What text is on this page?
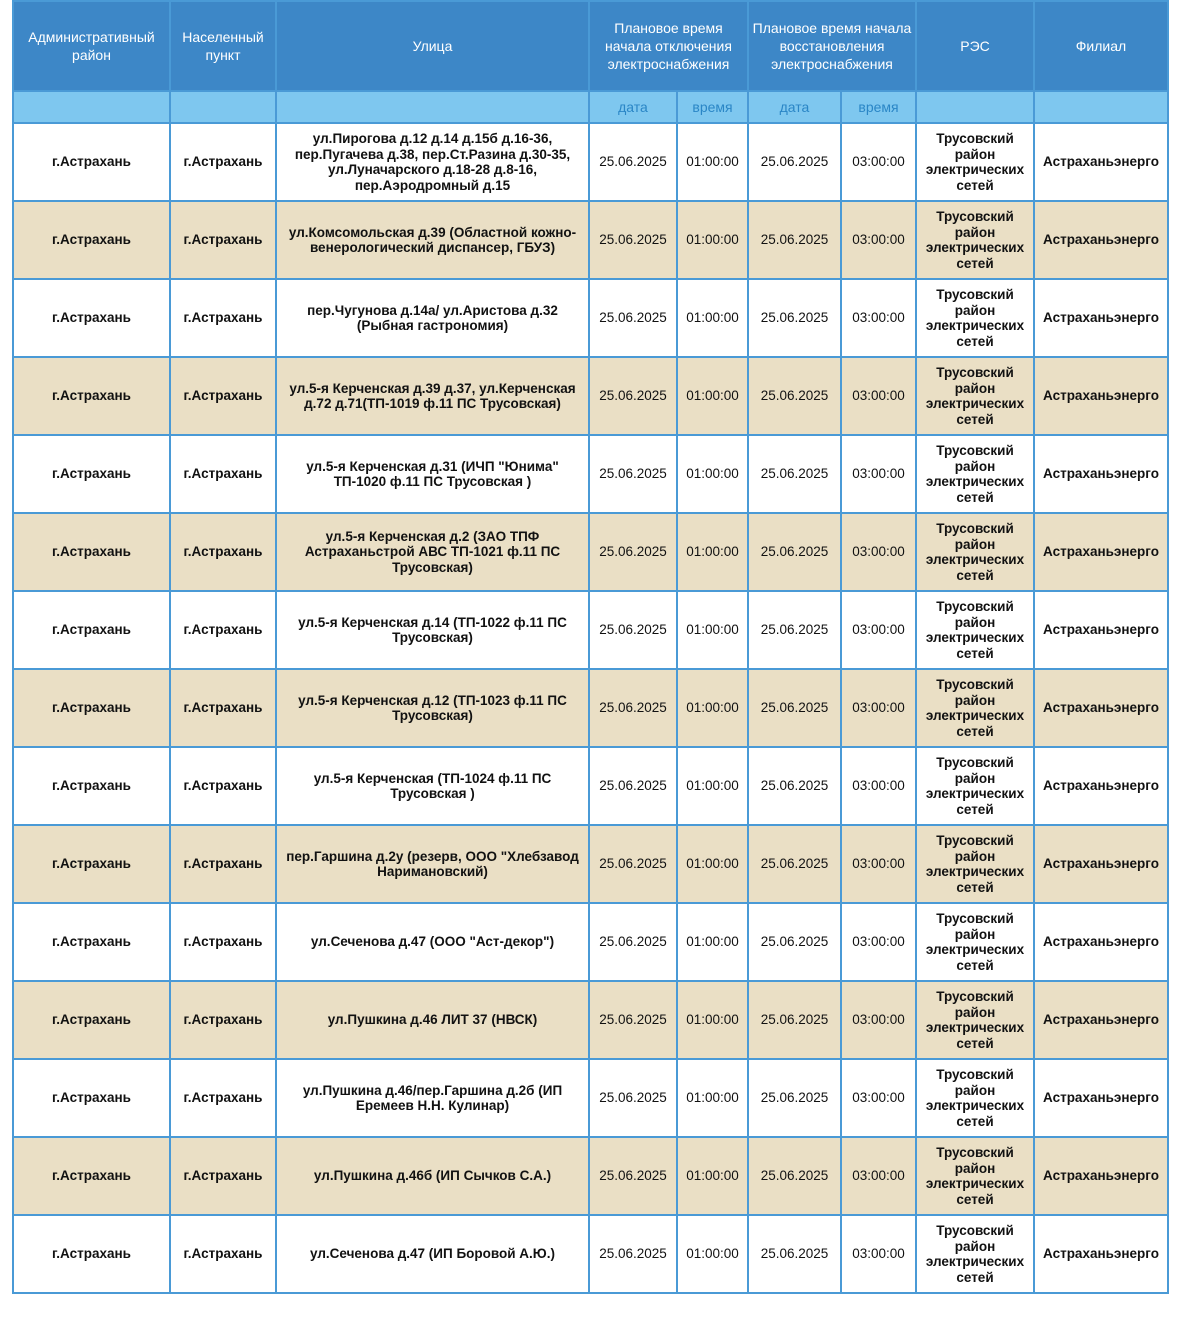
Административный район	Населенный пункт	Улица	Плановое время начала отключения электроснабжения		Плановое время начала восстановления электроснабжения		РЭС	Филиал
			дата	время	дата	время		
г.Астрахань	г.Астрахань	ул.Пирогова д.12 д.14 д.15б д.16-36, пер.Пугачева д.38, пер.Ст.Разина д.30-35, ул.Луначарского д.18-28 д.8-16, пер.Аэродромный д.15	25.06.2025	01:00:00	25.06.2025	03:00:00	Трусовский район электрических сетей	Астраханьэнерго
г.Астрахань	г.Астрахань	ул.Комсомольская д.39 (Областной кожно-венерологический диспансер, ГБУЗ)	25.06.2025	01:00:00	25.06.2025	03:00:00	Трусовский район электрических сетей	Астраханьэнерго
г.Астрахань	г.Астрахань	пер.Чугунова д.14а/ ул.Аристова д.32 (Рыбная гастрономия)	25.06.2025	01:00:00	25.06.2025	03:00:00	Трусовский район электрических сетей	Астраханьэнерго
г.Астрахань	г.Астрахань	ул.5-я Керченская д.39 д.37, ул.Керченская д.72 д.71(ТП-1019 ф.11 ПС Трусовская)	25.06.2025	01:00:00	25.06.2025	03:00:00	Трусовский район электрических сетей	Астраханьэнерго
г.Астрахань	г.Астрахань	ул.5-я Керченская д.31 (ИЧП "Юнима" ТП-1020 ф.11 ПС Трусовская )	25.06.2025	01:00:00	25.06.2025	03:00:00	Трусовский район электрических сетей	Астраханьэнерго
г.Астрахань	г.Астрахань	ул.5-я Керченская д.2 (ЗАО ТПФ Астраханьстрой АВС ТП-1021 ф.11 ПС Трусовская)	25.06.2025	01:00:00	25.06.2025	03:00:00	Трусовский район электрических сетей	Астраханьэнерго
г.Астрахань	г.Астрахань	ул.5-я Керченская д.14 (ТП-1022 ф.11 ПС Трусовская)	25.06.2025	01:00:00	25.06.2025	03:00:00	Трусовский район электрических сетей	Астраханьэнерго
г.Астрахань	г.Астрахань	ул.5-я Керченская д.12 (ТП-1023 ф.11 ПС Трусовская)	25.06.2025	01:00:00	25.06.2025	03:00:00	Трусовский район электрических сетей	Астраханьэнерго
г.Астрахань	г.Астрахань	ул.5-я Керченская (ТП-1024 ф.11 ПС Трусовская )	25.06.2025	01:00:00	25.06.2025	03:00:00	Трусовский район электрических сетей	Астраханьэнерго
г.Астрахань	г.Астрахань	пер.Гаршина д.2у (резерв, ООО "Хлебзавод Наримановский)	25.06.2025	01:00:00	25.06.2025	03:00:00	Трусовский район электрических сетей	Астраханьэнерго
г.Астрахань	г.Астрахань	ул.Сеченова д.47 (ООО "Аст-декор")	25.06.2025	01:00:00	25.06.2025	03:00:00	Трусовский район электрических сетей	Астраханьэнерго
г.Астрахань	г.Астрахань	ул.Пушкина д.46 ЛИТ 37 (НВСК)	25.06.2025	01:00:00	25.06.2025	03:00:00	Трусовский район электрических сетей	Астраханьэнерго
г.Астрахань	г.Астрахань	ул.Пушкина д.46/пер.Гаршина д.2б (ИП Еремеев Н.Н. Кулинар)	25.06.2025	01:00:00	25.06.2025	03:00:00	Трусовский район электрических сетей	Астраханьэнерго
г.Астрахань	г.Астрахань	ул.Пушкина д.46б (ИП Сычков С.А.)	25.06.2025	01:00:00	25.06.2025	03:00:00	Трусовский район электрических сетей	Астраханьэнерго
г.Астрахань	г.Астрахань	ул.Сеченова д.47 (ИП Боровой А.Ю.)	25.06.2025	01:00:00	25.06.2025	03:00:00	Трусовский район электрических сетей	Астраханьэнерго
